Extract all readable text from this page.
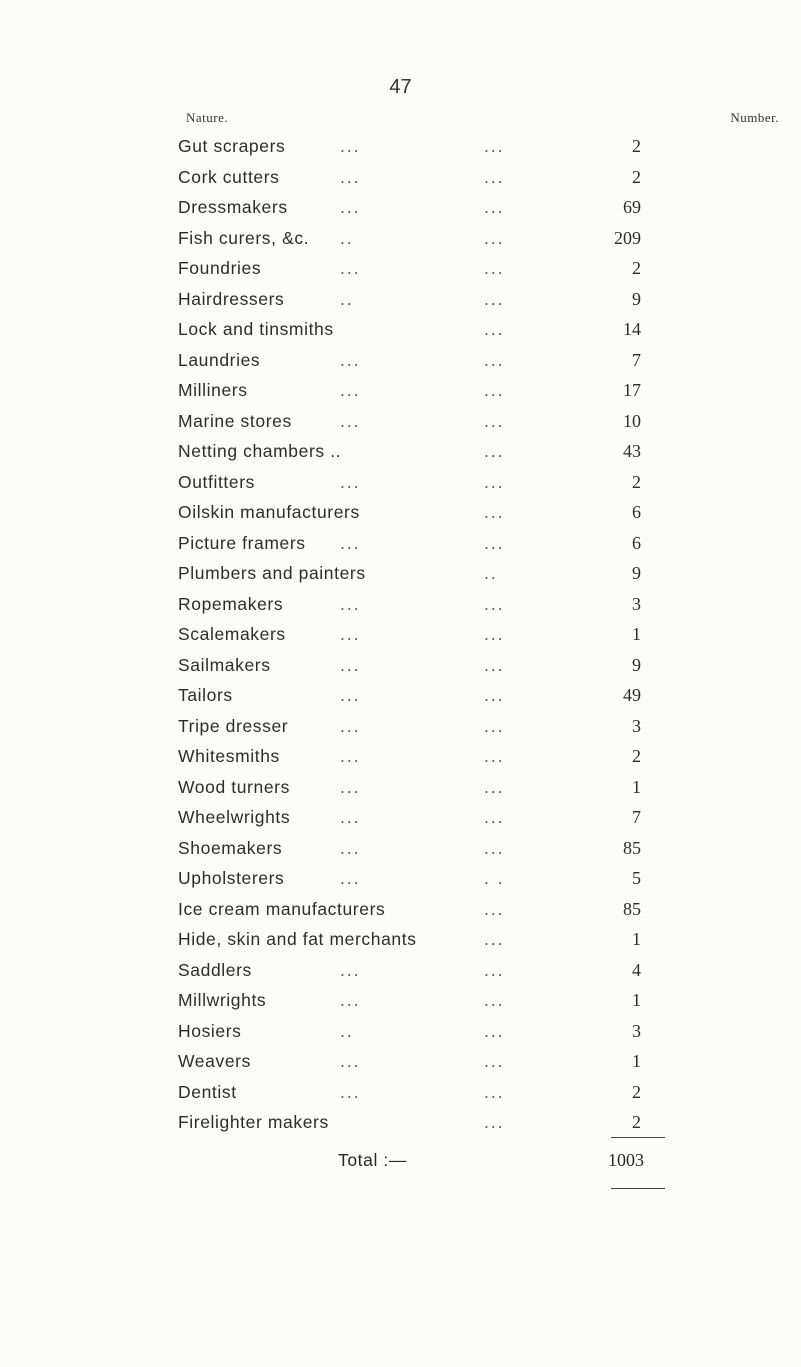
47
Nature.	Number.
Gut scrapers	...	...	2
Cork cutters	...	...	2
Dressmakers	...	...	69
Fish curers, &c. ..	...	209
Foundries	...	...	2
Hairdressers	..	...	9
Lock and tinsmiths	...	14
Laundries	...	...	7
Milliners	...	...	17
Marine stores	...	...	10
Netting chambers ..	...	43
Outfitters	...	...	2
Oilskin manufacturers	...	6
Picture framers ...	...	6
Plumbers and painters	..	9
Ropemakers	...	...	3
Scalemakers	...	...	1
Sailmakers	...	...	9
Tailors	...	...	49
Tripe dresser	...	...	3
Whitesmiths	...	...	2
Wood turners	...	...	1
Wheelwrights	...	...	7
Shoemakers	...	...	85
Upholsterers	...	. .	5
Ice cream manufacturers	...	85
Hide, skin and fat merchants	...	1
Saddlers	...	...	4
Millwrights	...	...	1
Hosiers	..	...	3
Weavers	...	...	1
Dentist	...	...	2
Firelighter makers	...	2
Total :—	1003
